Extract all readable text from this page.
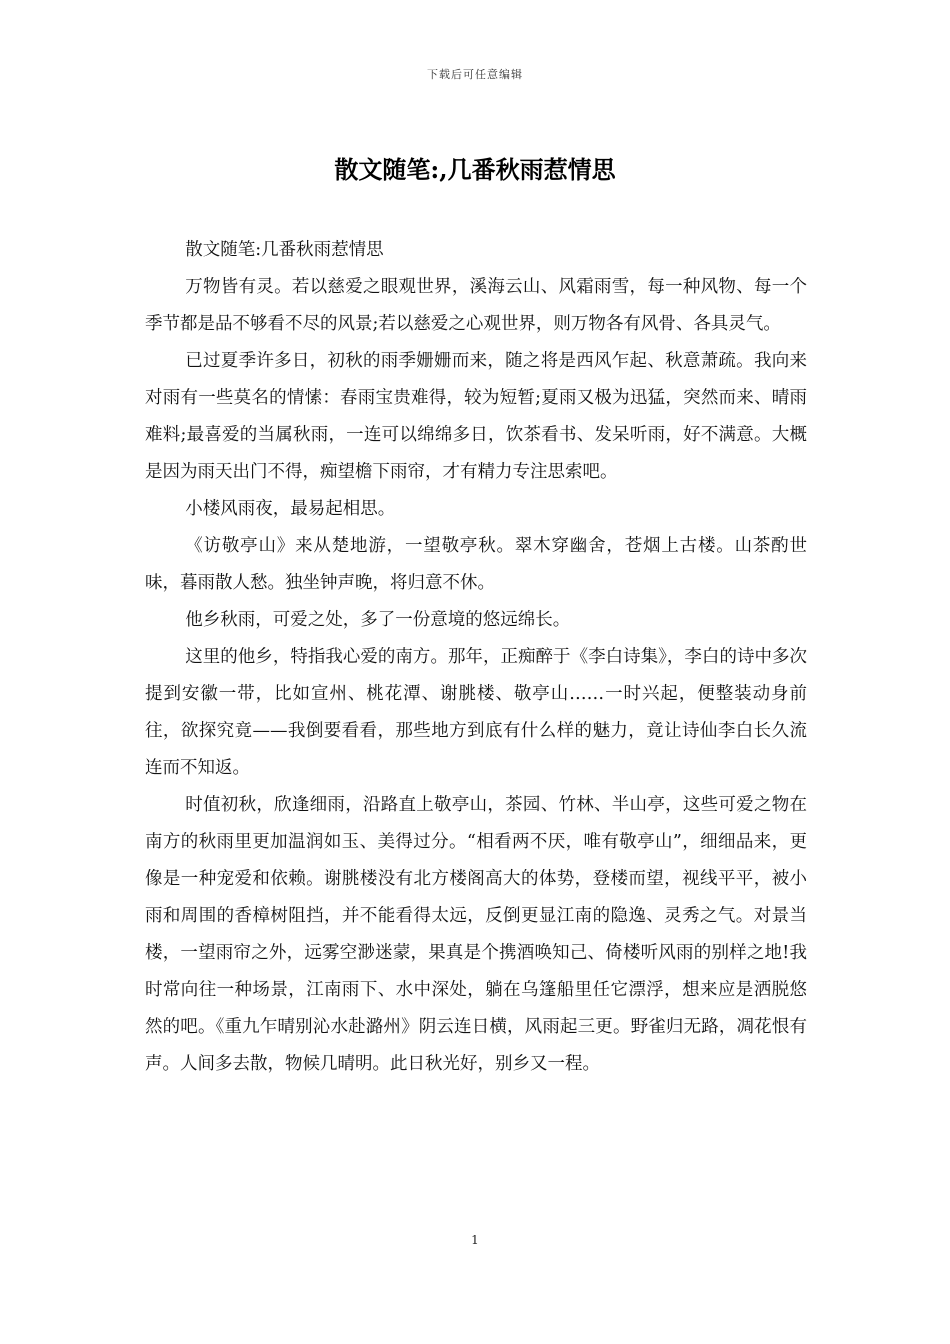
下载后可任意编辑
散文随笔:,几番秋雨惹情思

散文随笔:几番秋雨惹情思

万物皆有灵。若以慈爱之眼观世界，溪海云山、风霜雨雪，每一种风物、每一个季节都是品不够看不尽的风景;若以慈爱之心观世界，则万物各有风骨、各具灵气。

已过夏季许多日，初秋的雨季姗姗而来，随之将是西风乍起、秋意萧疏。我向来对雨有一些莫名的情愫：春雨宝贵难得，较为短暂;夏雨又极为迅猛，突然而来、晴雨难料;最喜爱的当属秋雨，一连可以绵绵多日，饮茶看书、发呆听雨，好不满意。大概是因为雨天出门不得，痴望檐下雨帘，才有精力专注思索吧。

小楼风雨夜，最易起相思。

《访敬亭山》来从楚地游，一望敬亭秋。翠木穿幽舍，苍烟上古楼。山茶酌世味，暮雨散人愁。独坐钟声晚，将归意不休。

他乡秋雨，可爱之处，多了一份意境的悠远绵长。

这里的他乡，特指我心爱的南方。那年，正痴醉于《李白诗集》，李白的诗中多次提到安徽一带，比如宣州、桃花潭、谢朓楼、敬亭山……一时兴起，便整装动身前往，欲探究竟——我倒要看看，那些地方到底有什么样的魅力，竟让诗仙李白长久流连而不知返。

时值初秋，欣逢细雨，沿路直上敬亭山，茶园、竹林、半山亭，这些可爱之物在南方的秋雨里更加温润如玉、美得过分。“相看两不厌，唯有敬亭山”，细细品来，更像是一种宠爱和依赖。谢朓楼没有北方楼阁高大的体势，登楼而望，视线平平，被小雨和周围的香樟树阻挡，并不能看得太远，反倒更显江南的隐逸、灵秀之气。对景当楼，一望雨帘之外，远雾空渺迷蒙，果真是个携酒唤知己、倚楼听风雨的别样之地!我时常向往一种场景，江南雨下、水中深处，躺在乌篷船里任它漂浮，想来应是洒脱悠然的吧。《重九乍晴别沁水赴潞州》阴云连日横，风雨起三更。野雀归无路，凋花恨有声。人间多去散，物候几晴明。此日秋光好，别乡又一程。

1
